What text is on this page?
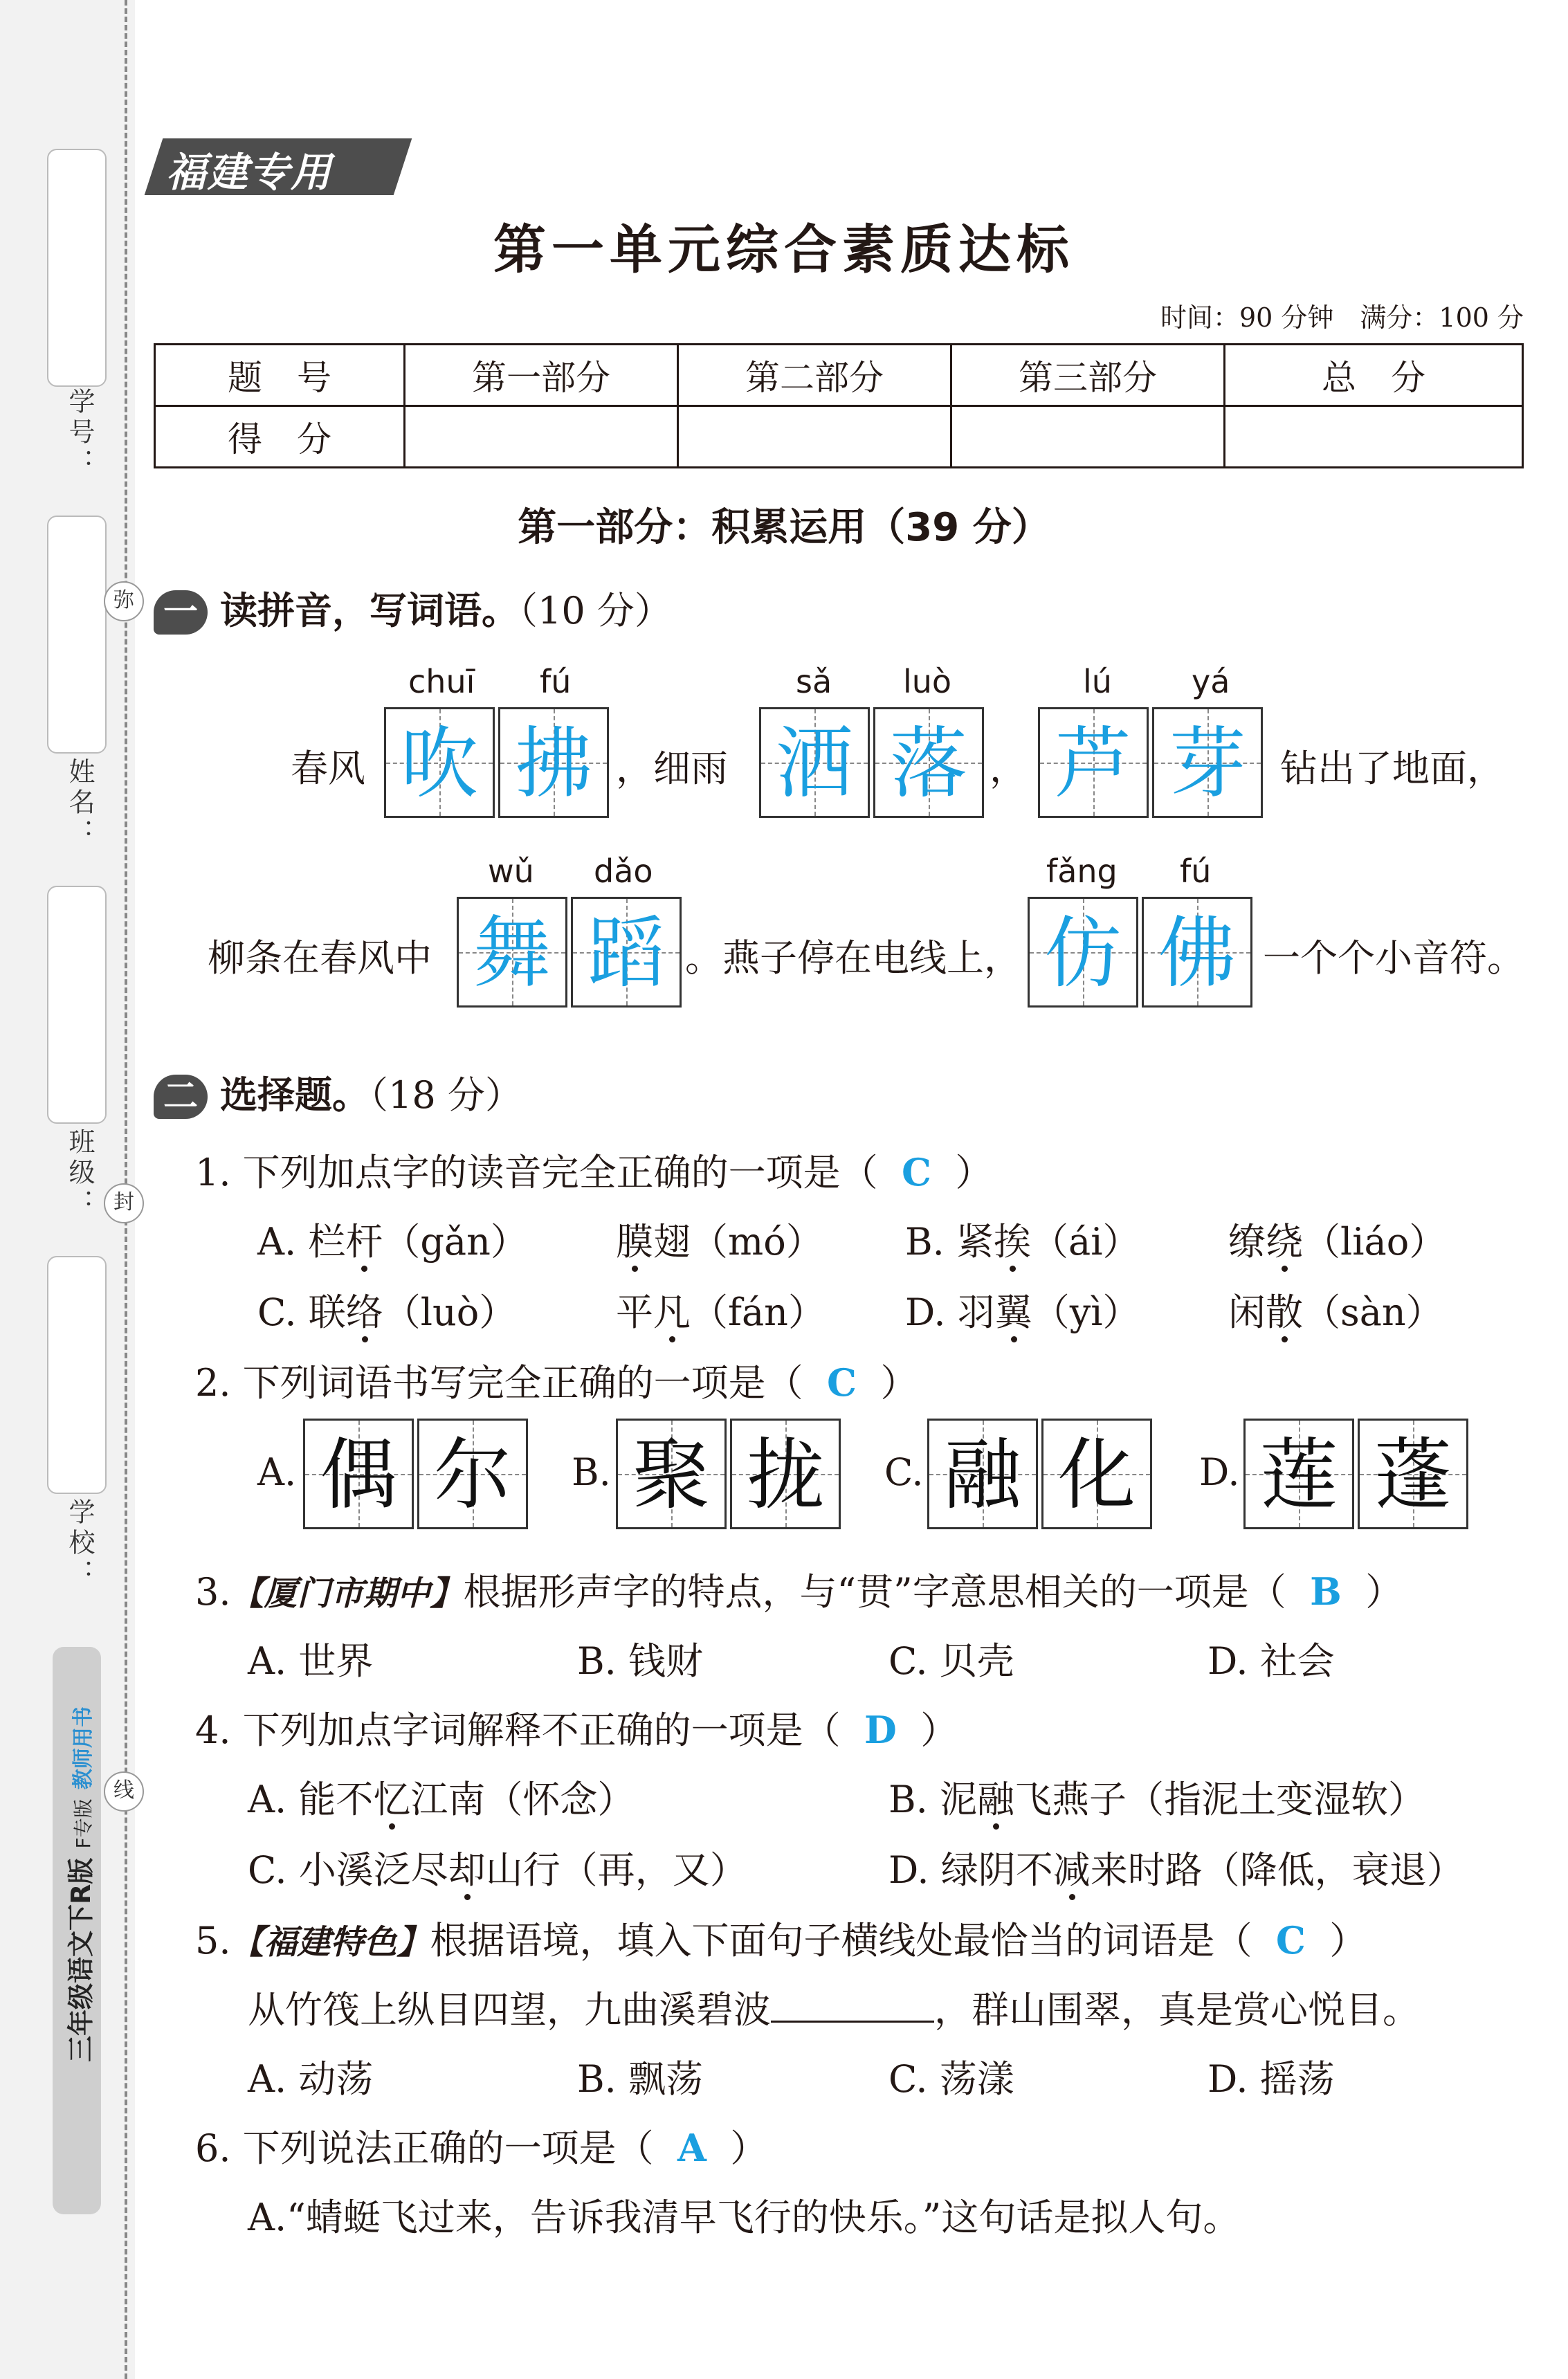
学号：
姓名：
班级：
学校：
弥
封
线
三年级语文下R版 F专版 教师用书
福建专用
第一单元综合素质达标
时间：90 分钟　满分：100 分
题　号	第一部分	第二部分	第三部分	总　分
得　分				
第一部分：积累运用（39 分）
一 读拼音，写词语。（10 分）
chuī fú	sǎ luò	lú	yá
春风 吹 拂 ，细雨 洒 落 ， 芦 芽 钻出了地面，
wǔ dǎo	fǎng fú
柳条在春风中 舞 蹈 。燕子停在电线上， 仿 佛 一个个小音符。
二 选择题。（18 分）
1. 下列加点字的读音完全正确的一项是（ C ）
A. 栏杆（gǎn） 膜翅（mó） B. 紧挨（ái） 缭绕（liáo）
C. 联络（luò）	平凡（fán） D. 羽翼（yì） 闲散（sàn）
2. 下列词语书写完全正确的一项是（ C ）
A. 偶 尔	B. 聚 拢	C. 融 化	D. 莲 蓬
3.【厦门市期中】根据形声字的特点，与“贯”字意思相关的一项是（ B ）
A. 世界	B. 钱财	C. 贝壳	D. 社会
4. 下列加点字词解释不正确的一项是（ D ）
A. 能不忆江南（怀念）	B. 泥融飞燕子（指泥土变湿软）
C. 小溪泛尽却山行（再，又）	D. 绿阴不减来时路（降低，衰退）
5.【福建特色】根据语境，填入下面句子横线处最恰当的词语是（ C ）
从竹筏上纵目四望，九曲溪碧波	，群山围翠，真是赏心悦目。
A. 动荡	B. 飘荡	C. 荡漾	D. 摇荡
6. 下列说法正确的一项是（ A ）
A.“蜻蜓飞过来，告诉我清早飞行的快乐。”这句话是拟人句。
